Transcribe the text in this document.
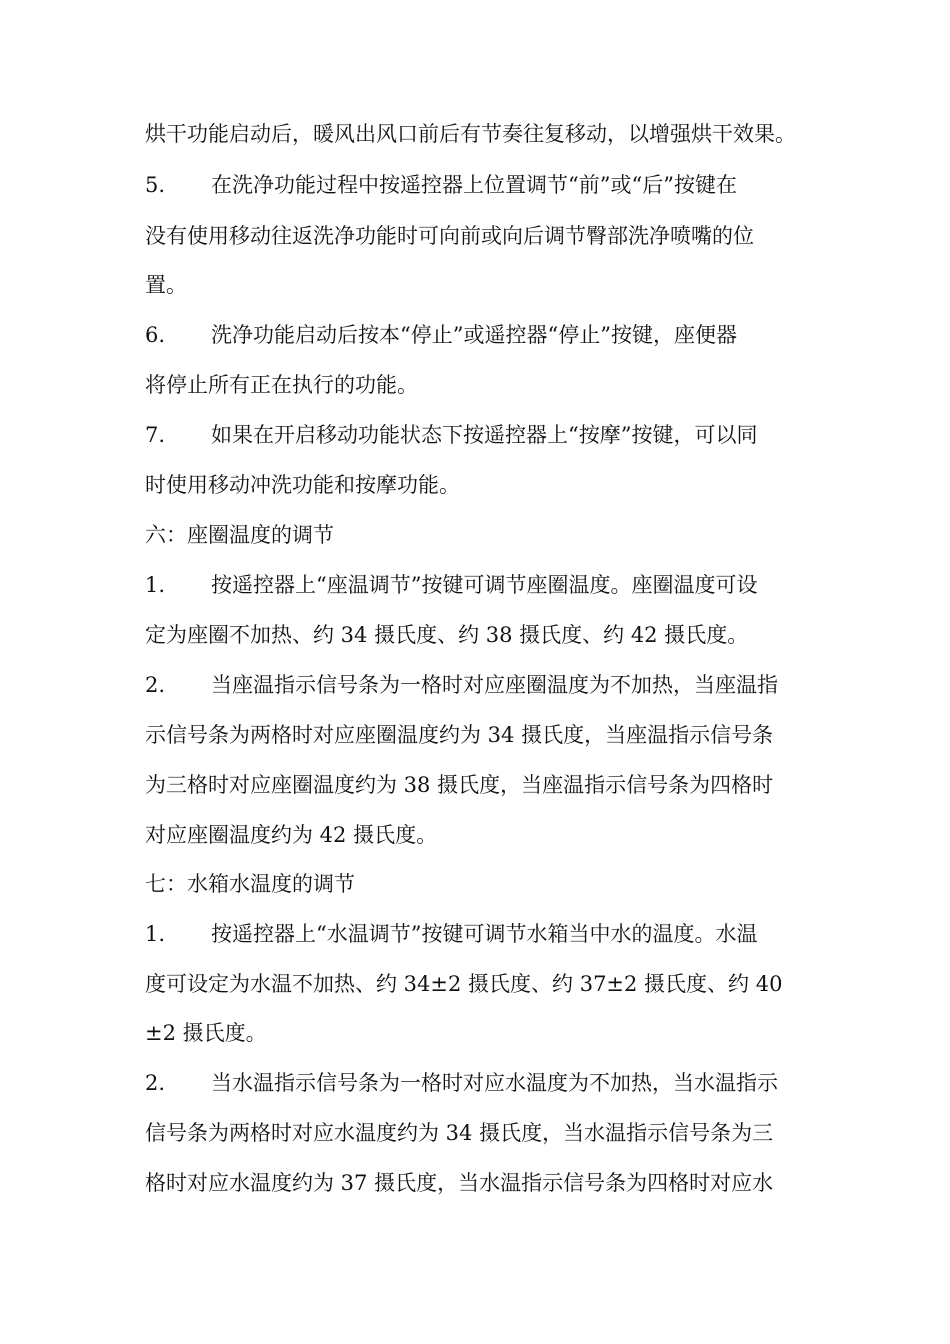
烘干功能启动后，暖风出风口前后有节奏往复移动，以增强烘干效果。
5. 在洗净功能过程中按遥控器上位置调节“前”或“后”按键在
没有使用移动往返洗净功能时可向前或向后调节臀部洗净喷嘴的位
置。
6. 洗净功能启动后按本“停止”或遥控器“停止”按键，座便器
将停止所有正在执行的功能。
7. 如果在开启移动功能状态下按遥控器上“按摩”按键，可以同
时使用移动冲洗功能和按摩功能。
六：座圈温度的调节
1. 按遥控器上“座温调节”按键可调节座圈温度。座圈温度可设
定为座圈不加热、约 34 摄氏度、约 38 摄氏度、约 42 摄氏度。
2. 当座温指示信号条为一格时对应座圈温度为不加热，当座温指
示信号条为两格时对应座圈温度约为 34 摄氏度，当座温指示信号条
为三格时对应座圈温度约为 38 摄氏度，当座温指示信号条为四格时
对应座圈温度约为 42 摄氏度。
七：水箱水温度的调节
1. 按遥控器上“水温调节”按键可调节水箱当中水的温度。水温
度可设定为水温不加热、约 34±2 摄氏度、约 37±2 摄氏度、约 40
±2 摄氏度。
2. 当水温指示信号条为一格时对应水温度为不加热，当水温指示
信号条为两格时对应水温度约为 34 摄氏度，当水温指示信号条为三
格时对应水温度约为 37 摄氏度，当水温指示信号条为四格时对应水
